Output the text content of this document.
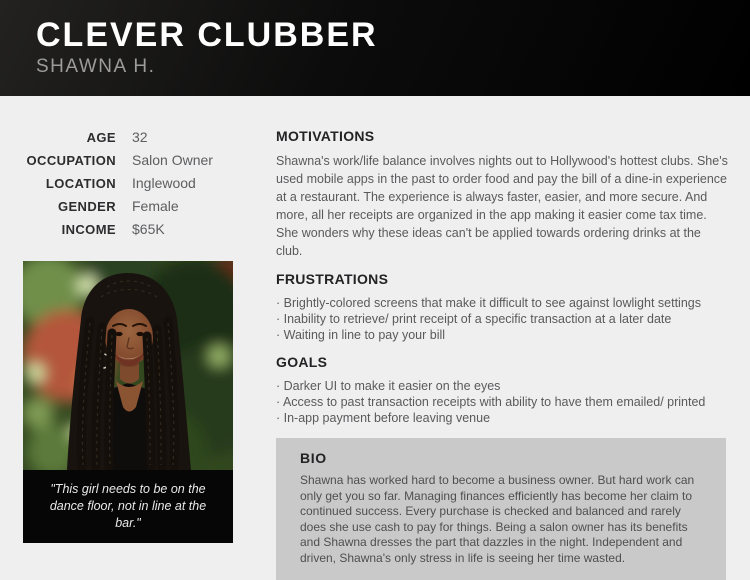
CLEVER CLUBBER
SHAWNA H.
AGE 32
OCCUPATION Salon Owner
LOCATION Inglewood
GENDER Female
INCOME $65K
"This girl needs to be on the dance floor, not in line at the bar."
MOTIVATIONS

Shawna's work/life balance involves nights out to Hollywood's hottest clubs. She's used mobile apps in the past to order food and pay the bill of a dine-in experience at a restaurant. The experience is always faster, easier, and more secure. And more, all her receipts are organized in the app making it easier come tax time. She wonders why these ideas can't be applied towards ordering drinks at the club.

FRUSTRATIONS
· Brightly-colored screens that make it difficult to see against lowlight settings
· Inability to retrieve/ print receipt of a specific transaction at a later date
· Waiting in line to pay your bill
GOALS
· Darker UI to make it easier on the eyes
· Access to past transaction receipts with ability to have them emailed/ printed
· In-app payment before leaving venue
BIO

Shawna has worked hard to become a business owner. But hard work can only get you so far. Managing finances efficiently has become her claim to continued success. Every purchase is checked and balanced and rarely does she use cash to pay for things. Being a salon owner has its benefits and Shawna dresses the part that dazzles in the night. Independent and driven, Shawna's only stress in life is seeing her time wasted.
